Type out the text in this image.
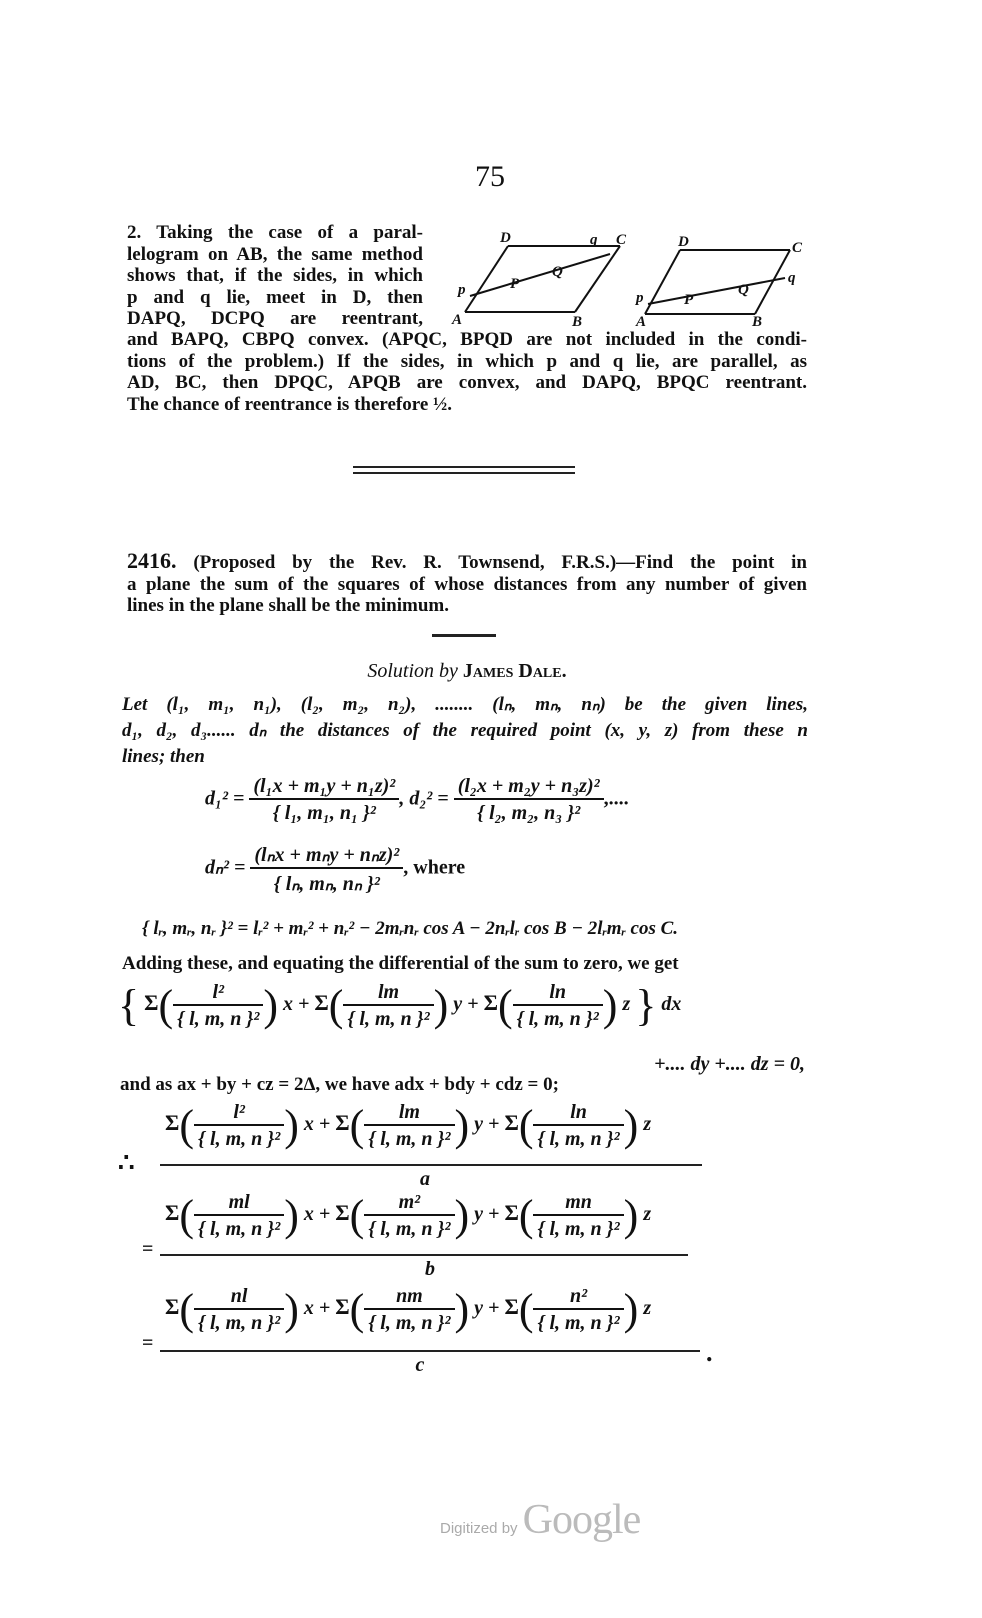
75
2. Taking the case of a paral-
lelogram on AB, the same method
shows that, if the sides, in which
p and q lie, meet in D, then
DAPQ, DCPQ are reentrant,
D	q C
Q
p	P
A	B
D	C
q
Q
p	P
A	B
and BAPQ, CBPQ convex. (APQC, BPQD are not included in the condi-
tions of the problem.) If the sides, in which p and q lie, are parallel, as
AD, BC, then DPQC, APQB are convex, and DAPQ, BPQC reentrant.
The chance of reentrance is therefore ½.
2416. (Proposed by the Rev. R. Townsend, F.R.S.)—Find the point in
a plane the sum of the squares of whose distances from any number of given
lines in the plane shall be the minimum.
Solution by James Dale.
Let (l₁, m₁, n₁), (l₂, m₂, n₂), ........ (lₙ, mₙ, nₙ) be the given lines,
d₁, d₂, d₃...... dₙ the distances of the required point (x, y, z) from these n
lines; then
$d_1^2 = \frac{\text{(l₁x + m₁y + n₁z)²}}{\text{\{ l₁, m₁, n₁ \}²}}$ , $d_2^2 = \frac{\text{(l₂x + m₂y + n₃z)²}}{\text{\{ l₂, m₂, n₃ \}²}}$ ,....
$d_n^2 = \frac{\text{(lₙx + mₙy + nₙz)²}}{\text{\{ lₙ, mₙ, nₙ \}²}}$ , where
{ lᵣ, mᵣ, nᵣ }² = lᵣ² + mᵣ² + nᵣ² − 2mᵣnᵣ cos A − 2nᵣlᵣ cos B − 2lᵣmᵣ cos C.
Adding these, and equating the differential of the sum to zero, we get
{ $\Sigma( \frac{\text{l²}}{\text{\{ l, m, n \}²}}$ ) $x + \Sigma( \frac{lm}{\text{\{ l, m, n \}²}}$ ) $y + \Sigma( \frac{\ln}{\text{\{ l, m, n \}²}}$ ) z } dx
+.... dy +.... dz = 0,
and as ax + by + cz = 2Δ, we have adx + bdy + cdz = 0;
∴
$\Sigma( \frac{\text{l²}}{\text{\{ l, m, n \}²}}$ ) $x + \Sigma( \frac{lm}{\text{\{ l, m, n \}²}}$ ) $y + \Sigma( \frac{\ln}{\text{\{ l, m, n \}²}}$ ) z
a
=
$\Sigma( \frac{ml}{\text{\{ l, m, n \}²}}$ ) $x + \Sigma( \frac{\text{m²}}{\text{\{ l, m, n \}²}}$ ) $y + \Sigma( \frac{mn}{\text{\{ l, m, n \}²}}$ ) z
b
=
$\Sigma( \frac{nl}{\text{\{ l, m, n \}²}}$ ) $x + \Sigma( \frac{nm}{\text{\{ l, m, n \}²}}$ ) $y + \Sigma( \frac{\text{n²}}{\text{\{ l, m, n \}²}}$ ) z
.
c
Digitized by Google
